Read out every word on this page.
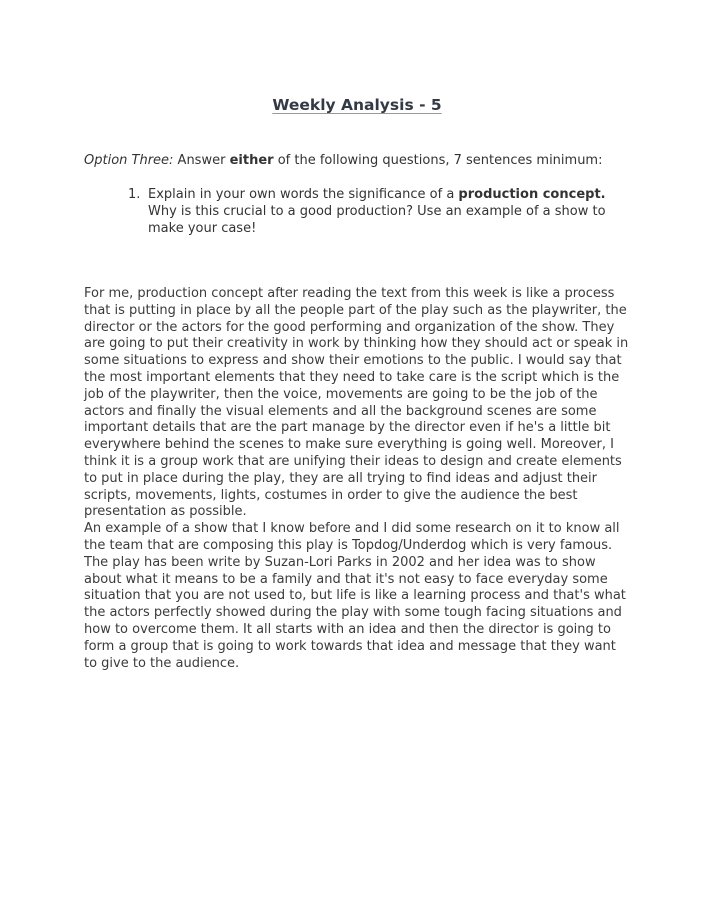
Weekly Analysis - 5
Option Three: Answer either of the following questions, 7 sentences minimum:
1. Explain in your own words the significance of a production concept. Why is this crucial to a good production? Use an example of a show to make your case!

For me, production concept after reading the text from this week is like a process that is putting in place by all the people part of the play such as the playwriter, the director or the actors for the good performing and organization of the show. They are going to put their creativity in work by thinking how they should act or speak in some situations to express and show their emotions to the public. I would say that the most important elements that they need to take care is the script which is the job of the playwriter, then the voice, movements are going to be the job of the actors and finally the visual elements and all the background scenes are some important details that are the part manage by the director even if he's a little bit everywhere behind the scenes to make sure everything is going well. Moreover, I think it is a group work that are unifying their ideas to design and create elements to put in place during the play, they are all trying to find ideas and adjust their scripts, movements, lights, costumes in order to give the audience the best presentation as possible.

An example of a show that I know before and I did some research on it to know all the team that are composing this play is Topdog/Underdog which is very famous. The play has been write by Suzan-Lori Parks in 2002 and her idea was to show about what it means to be a family and that it's not easy to face everyday some situation that you are not used to, but life is like a learning process and that's what the actors perfectly showed during the play with some tough facing situations and how to overcome them. It all starts with an idea and then the director is going to form a group that is going to work towards that idea and message that they want to give to the audience.
